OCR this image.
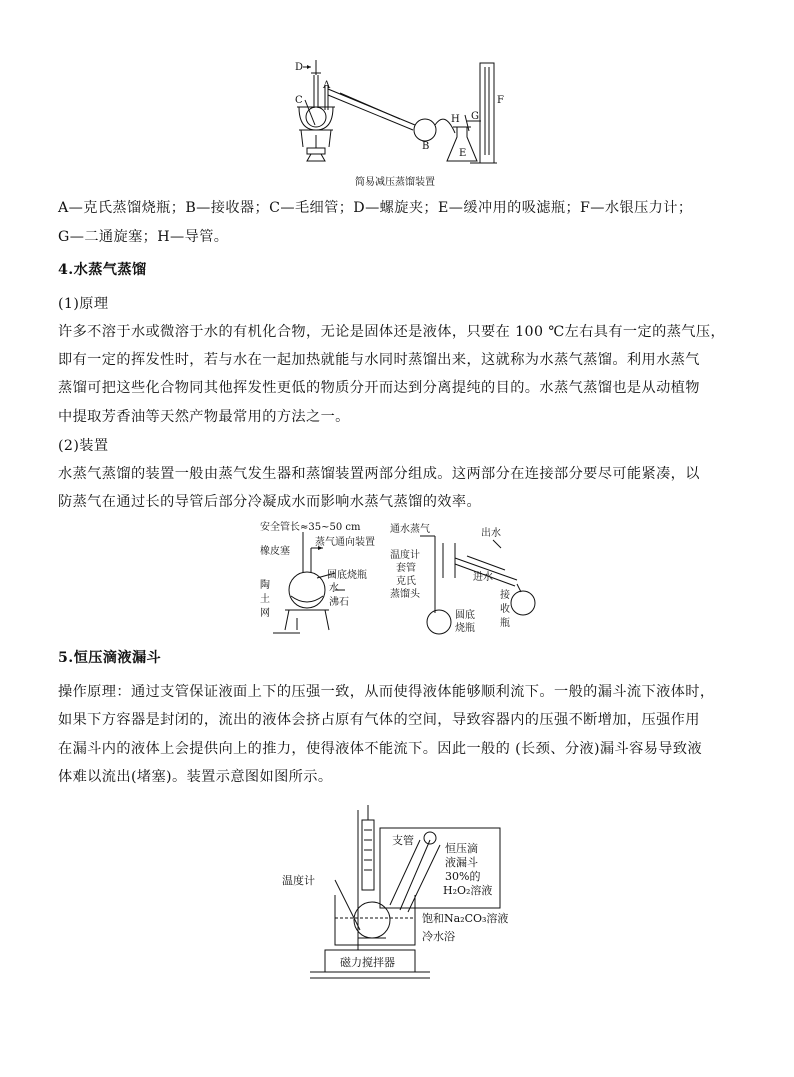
D
C
A
B
H G
F
E
简易减压蒸馏装置
A—克氏蒸馏烧瓶；B—接收器；C—毛细管；D—螺旋夹；E—缓冲用的吸滤瓶；F—水银压力计；
G—二通旋塞；H—导管。
4.水蒸气蒸馏
(1)原理
许多不溶于水或微溶于水的有机化合物，无论是固体还是液体，只要在 100 ℃左右具有一定的蒸气压，
即有一定的挥发性时，若与水在一起加热就能与水同时蒸馏出来，这就称为水蒸气蒸馏。利用水蒸气
蒸馏可把这些化合物同其他挥发性更低的物质分开而达到分离提纯的目的。水蒸气蒸馏也是从动植物
中提取芳香油等天然产物最常用的方法之一。
(2)装置
水蒸气蒸馏的装置一般由蒸气发生器和蒸馏装置两部分组成。这两部分在连接部分要尽可能紧凑，以
防蒸气在通过长的导管后部分冷凝成水而影响水蒸气蒸馏的效率。
安全管长≈35~50 cm
橡皮塞
蒸气通向装置
圆底烧瓶
水
沸石
陶
土
网
通水蒸气
温度计
套管
克氏
蒸馏头
圆底
烧瓶
出水
进水
接
收
瓶
5.恒压滴液漏斗
操作原理：通过支管保证液面上下的压强一致，从而使得液体能够顺利流下。一般的漏斗流下液体时，
如果下方容器是封闭的，流出的液体会挤占原有气体的空间，导致容器内的压强不断增加，压强作用
在漏斗内的液体上会提供向上的推力，使得液体不能流下。因此一般的 (长颈、分液)漏斗容易导致液
体难以流出(堵塞)。装置示意图如图所示。
支管
恒压滴
液漏斗
30%的
H₂O₂溶液
温度计
饱和Na₂CO₃溶液
冷水浴
磁力搅拌器
